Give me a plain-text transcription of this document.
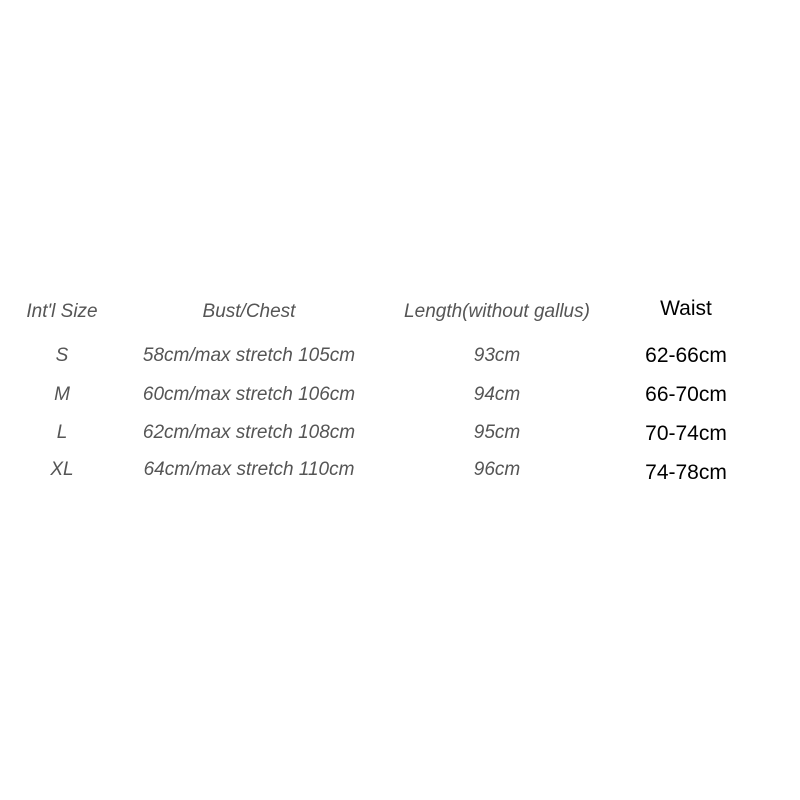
Int'l Size	Bust/Chest	Length(without gallus)	Waist
S	58cm/max stretch 105cm	93cm	62-66cm
M	60cm/max stretch 106cm	94cm	66-70cm
L	62cm/max stretch 108cm	95cm	70-74cm
XL	64cm/max stretch 110cm	96cm	74-78cm
